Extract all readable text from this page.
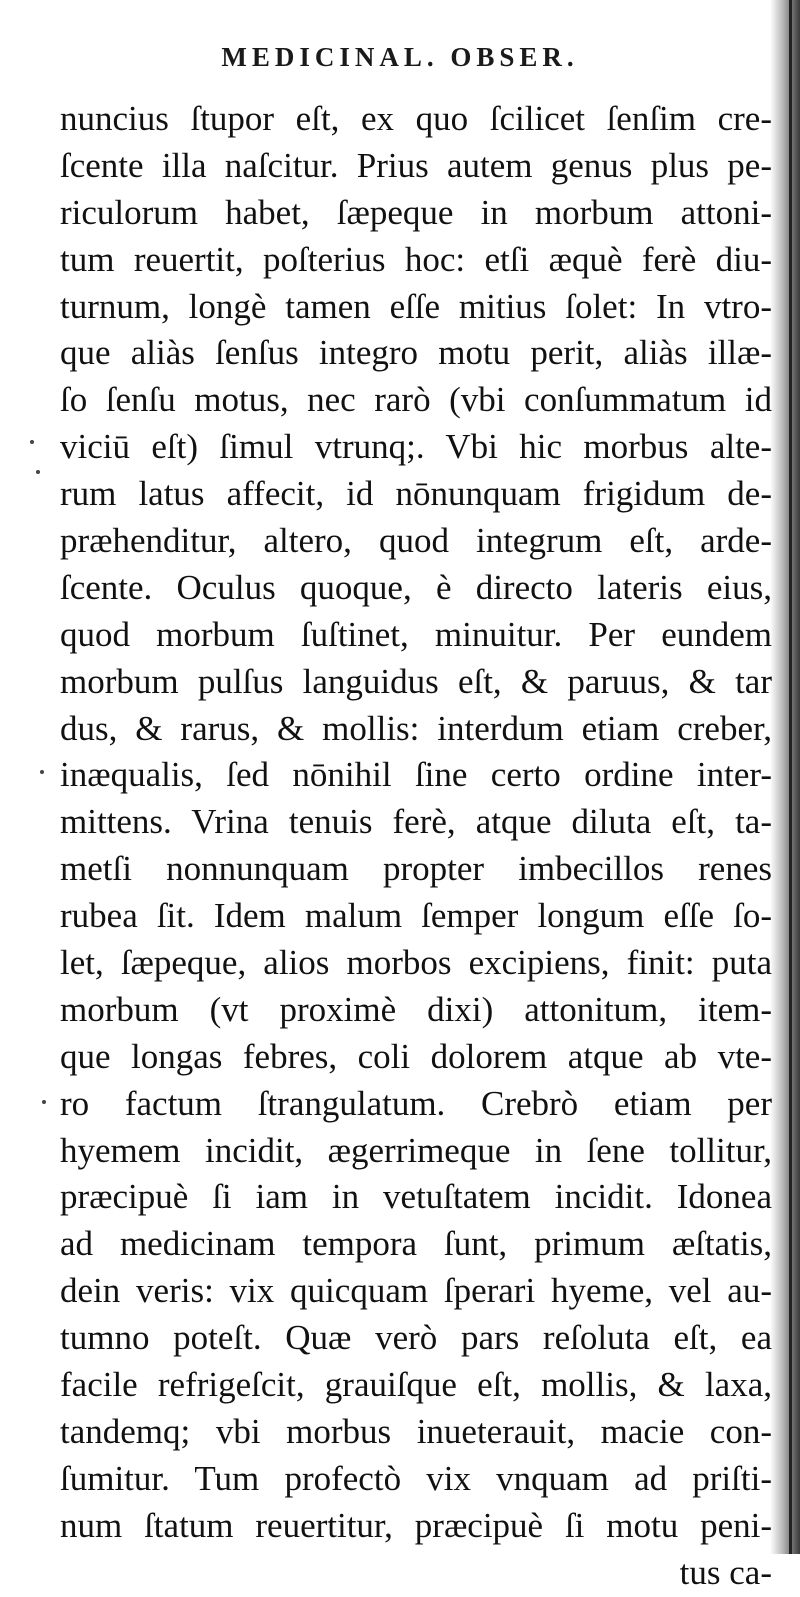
MEDICINAL. OBSER.
nuncius ſtupor eſt, ex quo ſcilicet ſenſim cre-
ſcente illa naſcitur. Prius autem genus plus pe-
riculorum habet, ſæpeque in morbum attoni-
tum reuertit, poſterius hoc: etſi æquè ferè diu-
turnum, longè tamen eſſe mitius ſolet: In vtro-
que aliàs ſenſus integro motu perit, aliàs illæ-
ſo ſenſu motus, nec rarò (vbi conſummatum id
viciū eſt) ſimul vtrunq;. Vbi hic morbus alte-
rum latus affecit, id nōnunquam frigidum de-
præhenditur, altero, quod integrum eſt, arde-
ſcente. Oculus quoque, è directo lateris eius,
quod morbum ſuſtinet, minuitur. Per eundem
morbum pulſus languidus eſt, & paruus, & tar
dus, & rarus, & mollis: interdum etiam creber,
inæqualis, ſed nōnihil ſine certo ordine inter-
mittens. Vrina tenuis ferè, atque diluta eſt, ta-
metſi nonnunquam propter imbecillos renes
rubea ſit. Idem malum ſemper longum eſſe ſo-
let, ſæpeque, alios morbos excipiens, finit: puta
morbum (vt proximè dixi) attonitum, item-
que longas febres, coli dolorem atque ab vte-
ro factum ſtrangulatum. Crebrò etiam per
hyemem incidit, ægerrimeque in ſene tollitur,
præcipuè ſi iam in vetuſtatem incidit. Idonea
ad medicinam tempora ſunt, primum æſtatis,
dein veris: vix quicquam ſperari hyeme, vel au-
tumno poteſt. Quæ verò pars reſoluta eſt, ea
facile refrigeſcit, grauiſque eſt, mollis, & laxa,
tandemq; vbi morbus inueterauit, macie con-
ſumitur. Tum profectò vix vnquam ad priſti-
num ſtatum reuertitur, præcipuè ſi motu peni-
tus ca-
